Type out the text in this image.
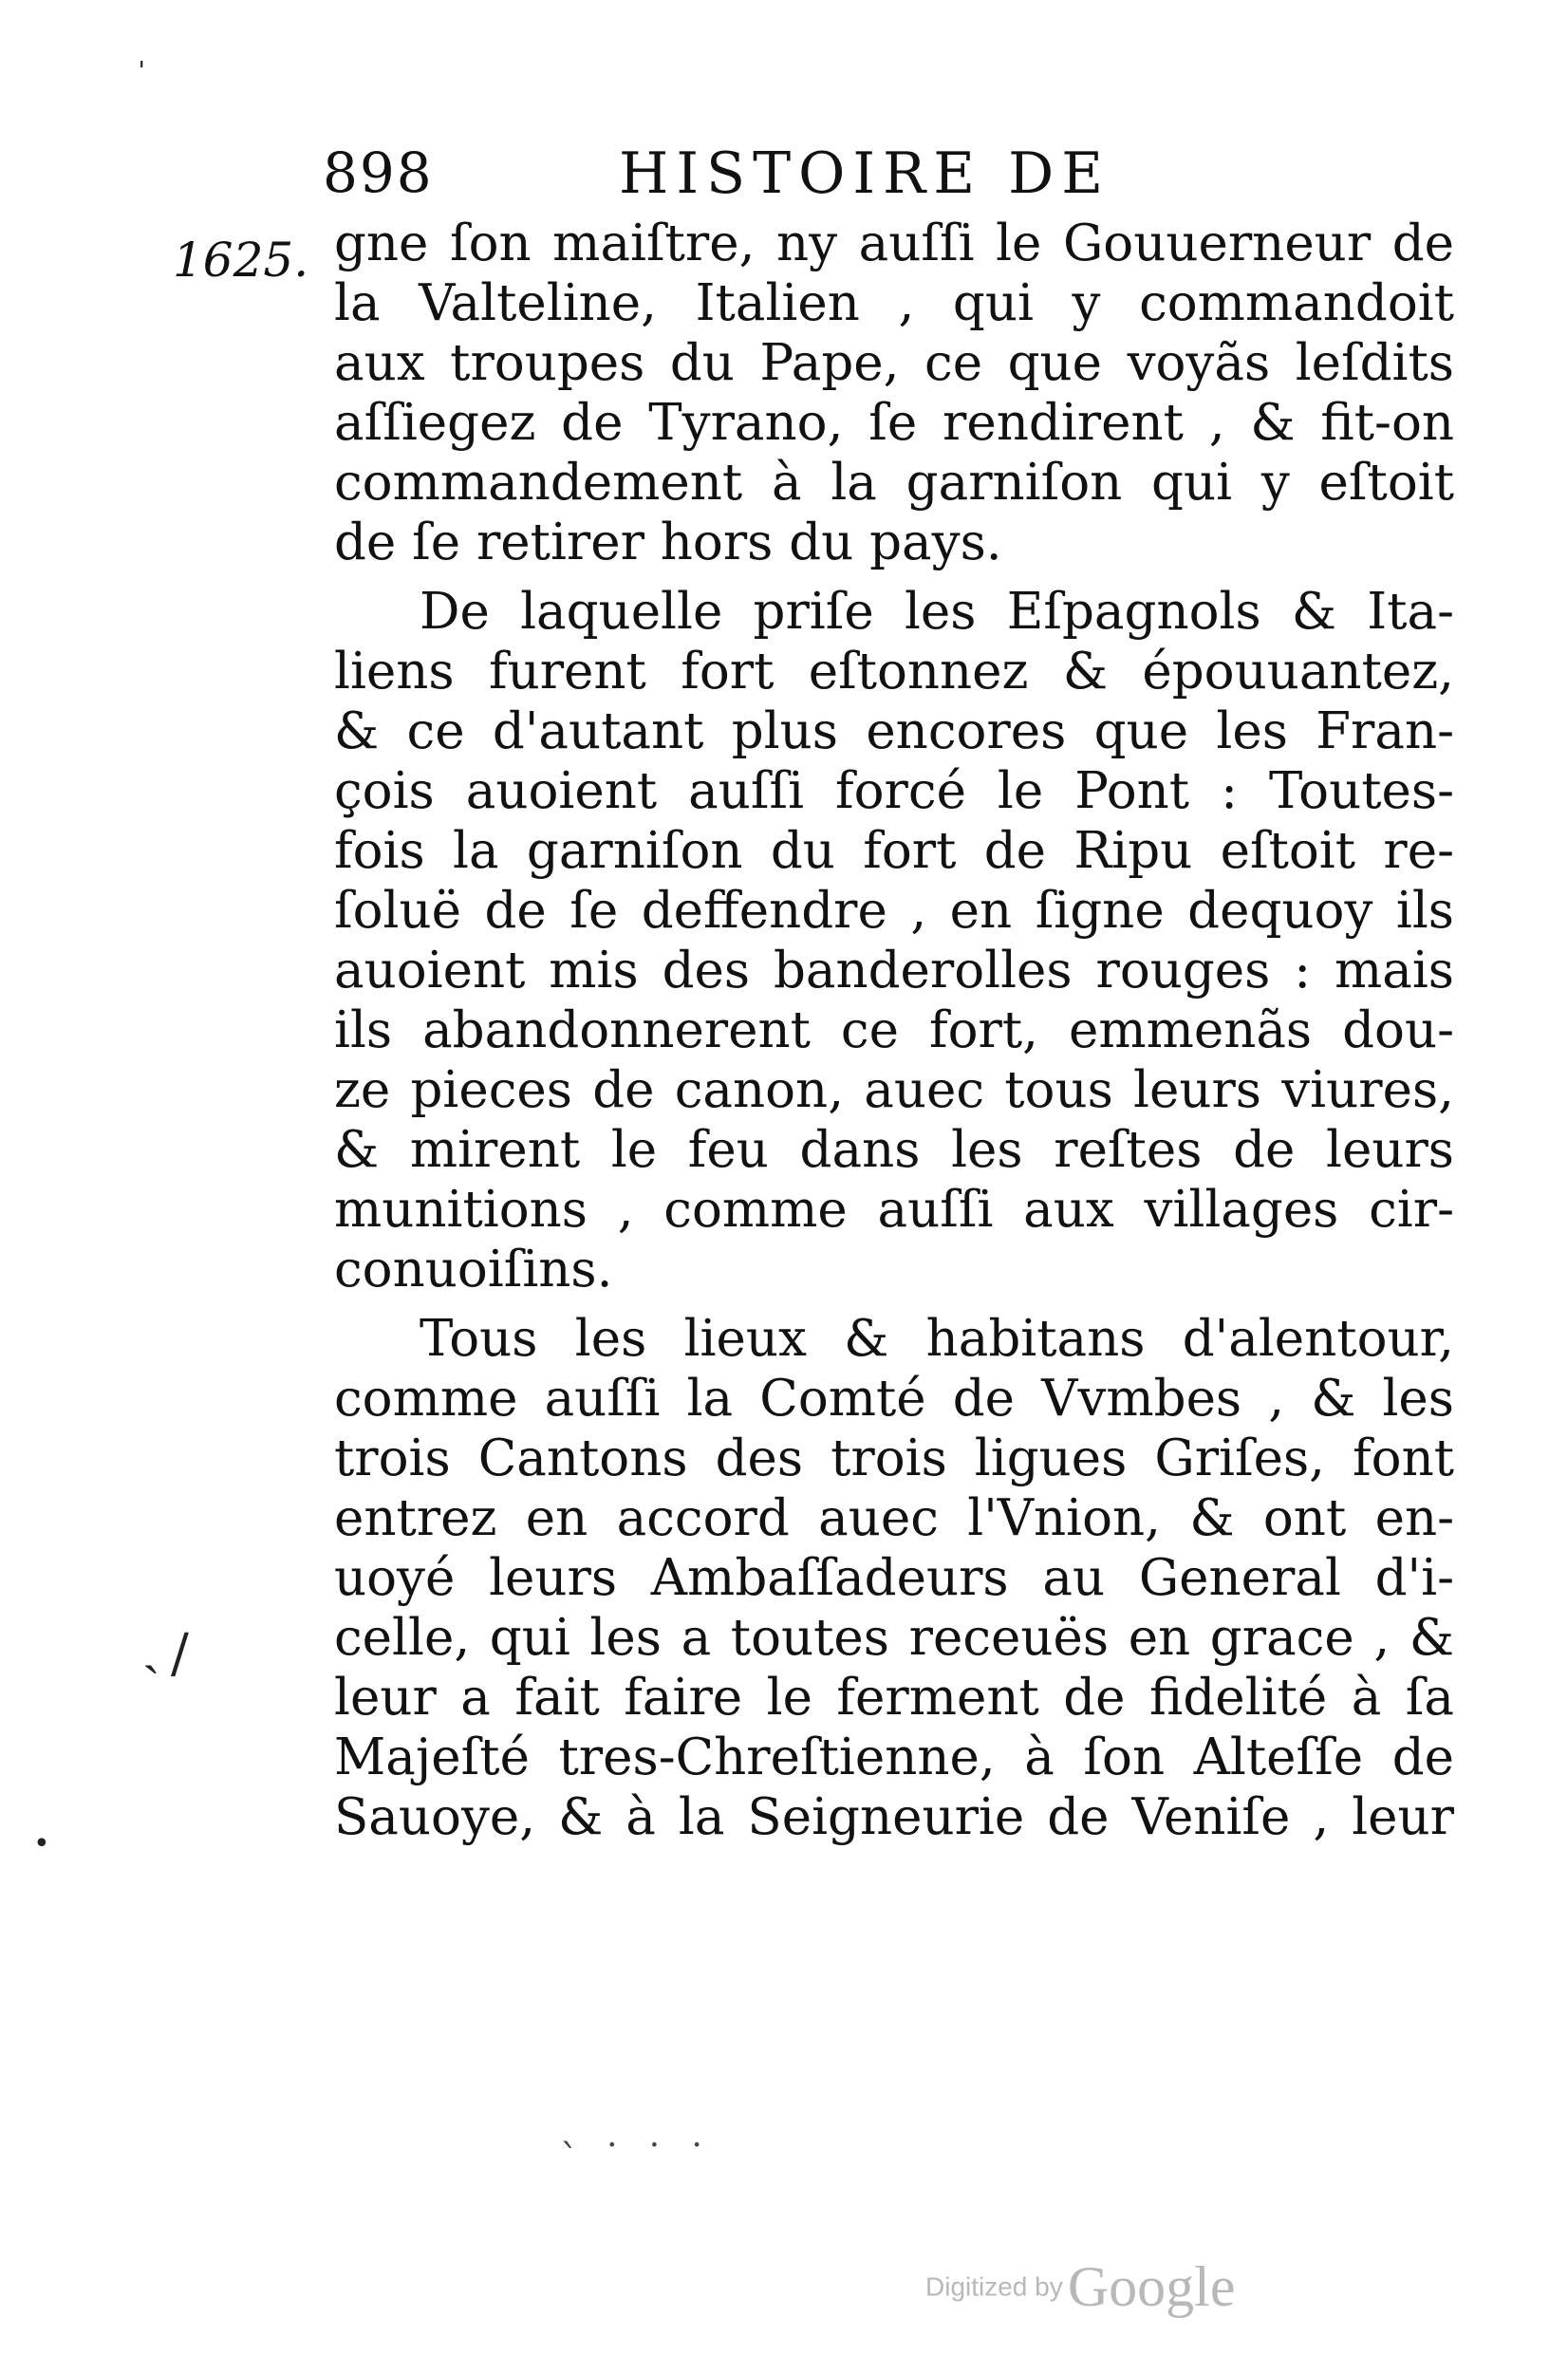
898	HISTOIRE DE
1625. gne ſon maiſtre, ny auſſi le Gouuerneur de
la Valteline, Italien , qui y commandoit
aux troupes du Pape, ce que voyãs leſdits
aſſiegez de Tyrano, ſe rendirent , & fit-on
commandement à la garniſon qui y eſtoit
de ſe retirer hors du pays.
De laquelle priſe les Eſpagnols & Ita-
liens furent fort eſtonnez & épouuantez,
& ce d'autant plus encores que les Fran-
çois auoient auſſi forcé le Pont : Toutes-
fois la garniſon du fort de Ripu eſtoit re-
ſoluë de ſe deffendre , en ſigne dequoy ils
auoient mis des banderolles rouges : mais
ils abandonnerent ce fort, emmenãs dou-
ze pieces de canon, auec tous leurs viures,
& mirent le feu dans les reſtes de leurs
munitions , comme auſſi aux villages cir-
conuoiſins.
Tous les lieux & habitans d'alentour,
comme auſſi la Comté de Vvmbes , & les
trois Cantons des trois ligues Griſes, font
entrez en accord auec l'Vnion, & ont en-
uoyé leurs Ambaſſadeurs au General d'i-
celle, qui les a toutes receuës en grace , &
leur a fait faire le ferment de fidelité à ſa
Majeſté tres-Chreſtienne, à ſon Alteſſe de
Sauoye, & à la Seigneurie de Veniſe , leur
ˏ /
•
ˈ
ˋ ˙ ˙ ˙
Digitized by Google
